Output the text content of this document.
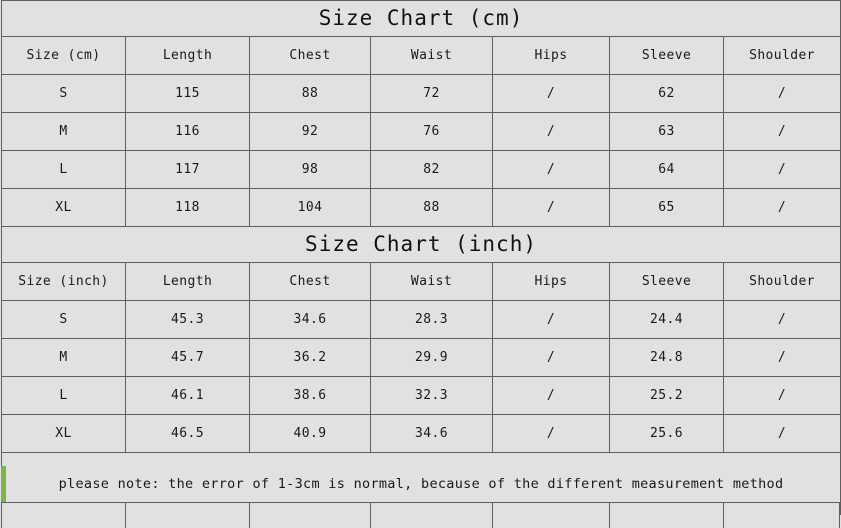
Size Chart (cm)						

Size (cm)	Length	Chest	Waist	Hips	Sleeve	Shoulder
S	115	88	72	/	62	/
M	116	92	76	/	63	/
L	117	98	82	/	64	/
XL	118	104	88	/	65	/

Size Chart (inch)						

Size (inch)	Length	Chest	Waist	Hips	Sleeve	Shoulder
S	45.3	34.6	28.3	/	24.4	/
M	45.7	36.2	29.9	/	24.8	/
L	46.1	38.6	32.3	/	25.2	/
XL	46.5	40.9	34.6	/	25.6	/
please note: the error of 1-3cm is normal, because of the different measurement method						
